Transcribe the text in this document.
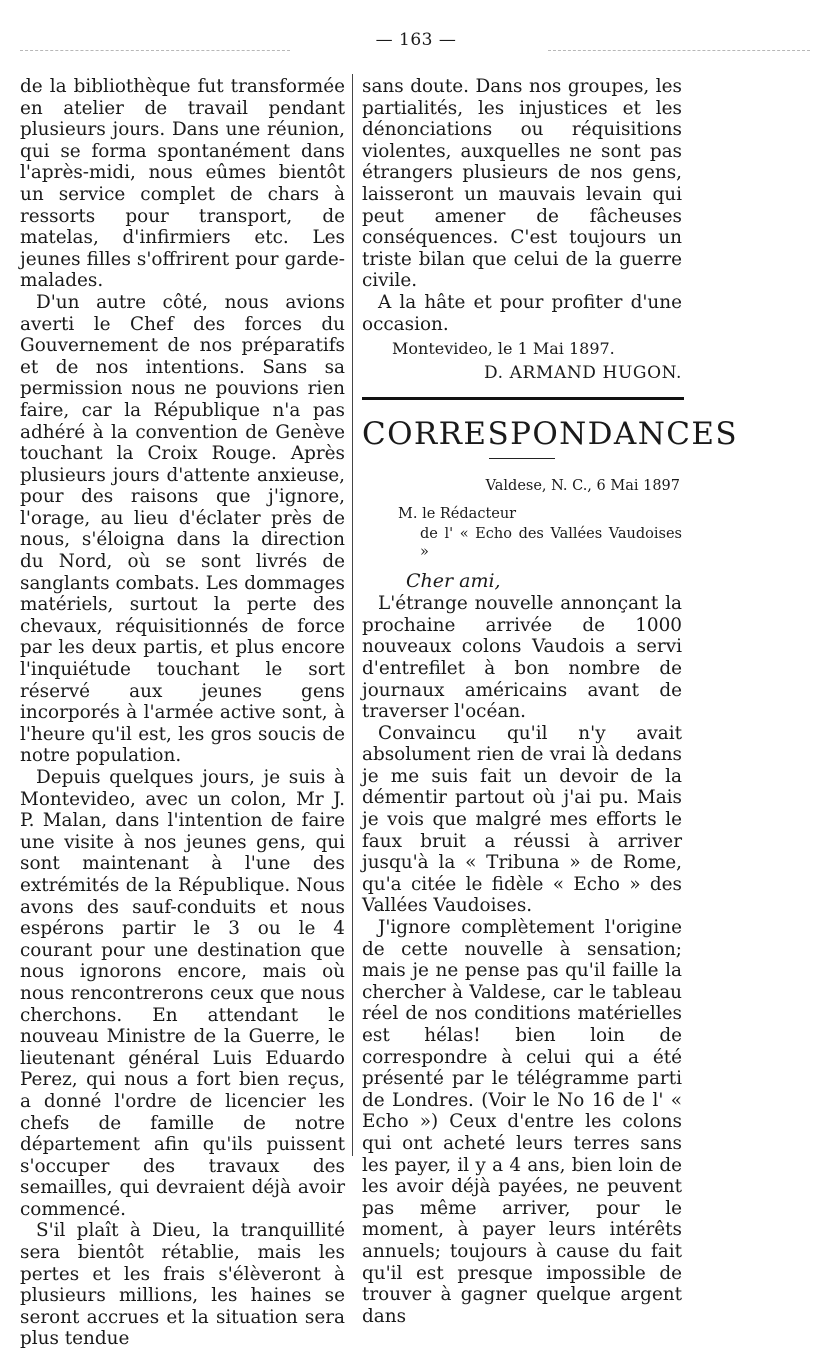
— 163 —

de la bibliothèque fut transformée en atelier de travail pendant plusieurs jours. Dans une réunion, qui se forma spontanément dans l'après-midi, nous eûmes bientôt un service complet de chars à ressorts pour transport, de matelas, d'infirmiers etc. Les jeunes filles s'offrirent pour garde-malades.

D'un autre côté, nous avions averti le Chef des forces du Gouvernement de nos préparatifs et de nos intentions. Sans sa permission nous ne pouvions rien faire, car la République n'a pas adhéré à la convention de Genève touchant la Croix Rouge. Après plusieurs jours d'attente anxieuse, pour des raisons que j'ignore, l'orage, au lieu d'éclater près de nous, s'éloigna dans la direction du Nord, où se sont livrés de sanglants combats. Les dommages matériels, surtout la perte des chevaux, réquisitionnés de force par les deux partis, et plus encore l'inquiétude touchant le sort réservé aux jeunes gens incorporés à l'armée active sont, à l'heure qu'il est, les gros soucis de notre population.

Depuis quelques jours, je suis à Montevideo, avec un colon, Mr J. P. Malan, dans l'intention de faire une visite à nos jeunes gens, qui sont maintenant à l'une des extrémités de la République. Nous avons des sauf-conduits et nous espérons partir le 3 ou le 4 courant pour une destination que nous ignorons encore, mais où nous rencontrerons ceux que nous cherchons. En attendant le nouveau Ministre de la Guerre, le lieutenant général Luis Eduardo Perez, qui nous a fort bien reçus, a donné l'ordre de licencier les chefs de famille de notre département afin qu'ils puissent s'occuper des travaux des semailles, qui devraient déjà avoir commencé.

S'il plaît à Dieu, la tranquillité sera bientôt rétablie, mais les pertes et les frais s'élèveront à plusieurs millions, les haines se seront accrues et la situation sera plus tendue

sans doute. Dans nos groupes, les partialités, les injustices et les dénonciations ou réquisitions violentes, auxquelles ne sont pas étrangers plusieurs de nos gens, laisseront un mauvais levain qui peut amener de fâcheuses conséquences. C'est toujours un triste bilan que celui de la guerre civile.

A la hâte et pour profiter d'une occasion.

Montevideo, le 1 Mai 1897.

D. ARMAND HUGON.

CORRESPONDANCES

Valdese, N. C., 6 Mai 1897

M. le Rédacteur

de l' « Echo des Vallées Vaudoises »

Cher ami,

L'étrange nouvelle annonçant la prochaine arrivée de 1000 nouveaux colons Vaudois a servi d'entrefilet à bon nombre de journaux américains avant de traverser l'océan.

Convaincu qu'il n'y avait absolument rien de vrai là dedans je me suis fait un devoir de la démentir partout où j'ai pu. Mais je vois que malgré mes efforts le faux bruit a réussi à arriver jusqu'à la « Tribuna » de Rome, qu'a citée le fidèle « Echo » des Vallées Vaudoises.

J'ignore complètement l'origine de cette nouvelle à sensation; mais je ne pense pas qu'il faille la chercher à Valdese, car le tableau réel de nos conditions matérielles est hélas! bien loin de correspondre à celui qui a été présenté par le télégramme parti de Londres. (Voir le No 16 de l' « Echo ») Ceux d'entre les colons qui ont acheté leurs terres sans les payer, il y a 4 ans, bien loin de les avoir déjà payées, ne peuvent pas même arriver, pour le moment, à payer leurs intérêts annuels; toujours à cause du fait qu'il est presque impossible de trouver à gagner quelque argent dans
